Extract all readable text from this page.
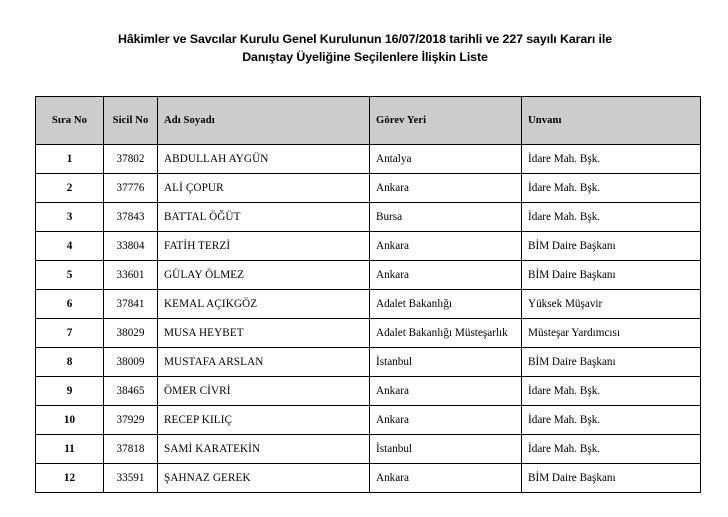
Hâkimler ve Savcılar Kurulu Genel Kurulunun 16/07/2018 tarihli ve 227 sayılı Kararı ile
Danıştay Üyeliğine Seçilenlere İlişkin Liste
Sıra No	Sicil No	Adı Soyadı	Görev Yeri	Unvanı
1	37802	ABDULLAH AYGÜN	Antalya	İdare Mah. Bşk.
2	37776	ALİ ÇOPUR	Ankara	İdare Mah. Bşk.
3	37843	BATTAL ÖĞÜT	Bursa	İdare Mah. Bşk.
4	33804	FATİH TERZİ	Ankara	BİM Daire Başkanı
5	33601	GÜLAY ÖLMEZ	Ankara	BİM Daire Başkanı
6	37841	KEMAL AÇIKGÖZ	Adalet Bakanlığı	Yüksek Müşavir
7	38029	MUSA HEYBET	Adalet Bakanlığı Müsteşarlık	Müsteşar Yardımcısı
8	38009	MUSTAFA ARSLAN	İstanbul	BİM Daire Başkanı
9	38465	ÖMER CİVRİ	Ankara	İdare Mah. Bşk.
10	37929	RECEP KILIÇ	Ankara	İdare Mah. Bşk.
11	37818	SAMİ KARATEKİN	İstanbul	İdare Mah. Bşk.
12	33591	ŞAHNAZ GEREK	Ankara	BİM Daire Başkanı
